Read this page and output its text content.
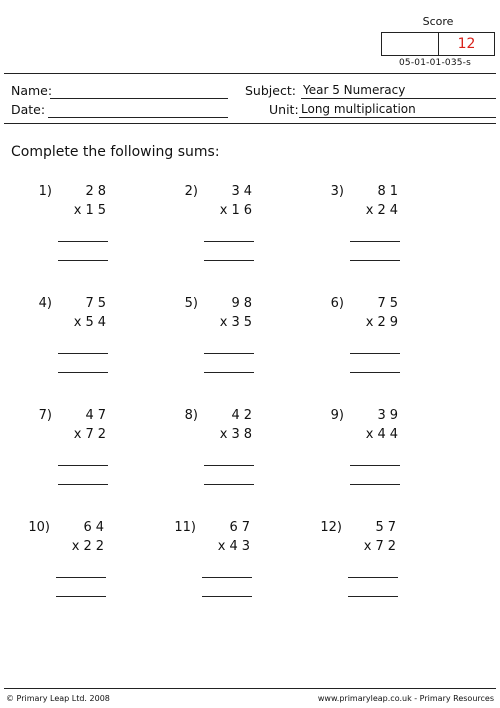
Score
12
05-01-01-035-s
Name:
Date:
Subject: Year 5 Numeracy
Unit: Long multiplication
Complete the following sums:
1)	28
x15
2)	34
x16
3)	81
x24
4)	75
x54
5)	98
x35
6)	75
x29
7)	47
x72
8)	42
x38
9)	39
x44
10)	64
x22
11)	67
x43
12)	57
x72
© Primary Leap Ltd. 2008	www.primaryleap.co.uk - Primary Resources
